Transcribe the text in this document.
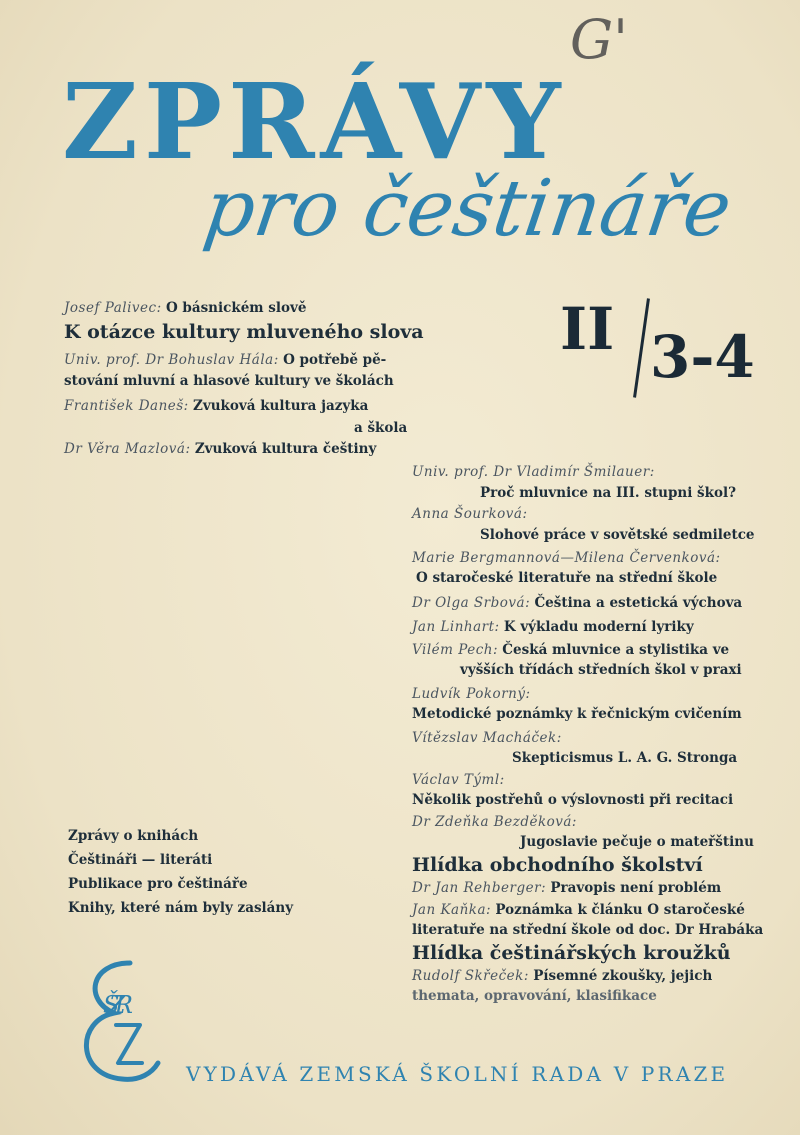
G'
ZPRÁVY
pro češtináře
II 3-4
Josef Palivec: O básnickém slově
K otázce kultury mluveného slova
Univ. prof. Dr Bohuslav Hála: O potřebě pě-
stování mluvní a hlasové kultury ve školách
František Daneš: Zvuková kultura jazyka
a škola
Dr Věra Mazlová: Zvuková kultura češtiny
Univ. prof. Dr Vladimír Šmilauer:
Proč mluvnice na III. stupni škol?
Anna Šourková:
Slohové práce v sovětské sedmiletce
Marie Bergmannová—Milena Červenková:
O staročeské literatuře na střední škole
Dr Olga Srbová: Čeština a estetická výchova
Jan Linhart: K výkladu moderní lyriky
Vilém Pech: Česká mluvnice a stylistika ve
vyšších třídách středních škol v praxi
Ludvík Pokorný:
Metodické poznámky k řečnickým cvičením
Vítězslav Macháček:
Skepticismus L. A. G. Stronga
Václav Týml:
Několik postřehů o výslovnosti při recitaci
Dr Zdeňka Bezděková:
Jugoslavie pečuje o mateřštinu
Hlídka obchodního školství
Dr Jan Rehberger: Pravopis není problém
Jan Kaňka: Poznámka k článku O staročeské
literatuře na střední škole od doc. Dr Hrabáka
Hlídka češtinářských kroužků
Rudolf Skřeček: Písemné zkoušky, jejich
themata, opravování, klasifikace
Zprávy o knihách
Češtináři — literáti
Publikace pro češtináře
Knihy, které nám byly zaslány
ŠZR
VYDÁVÁ ZEMSKÁ ŠKOLNÍ RADA V PRAZE
